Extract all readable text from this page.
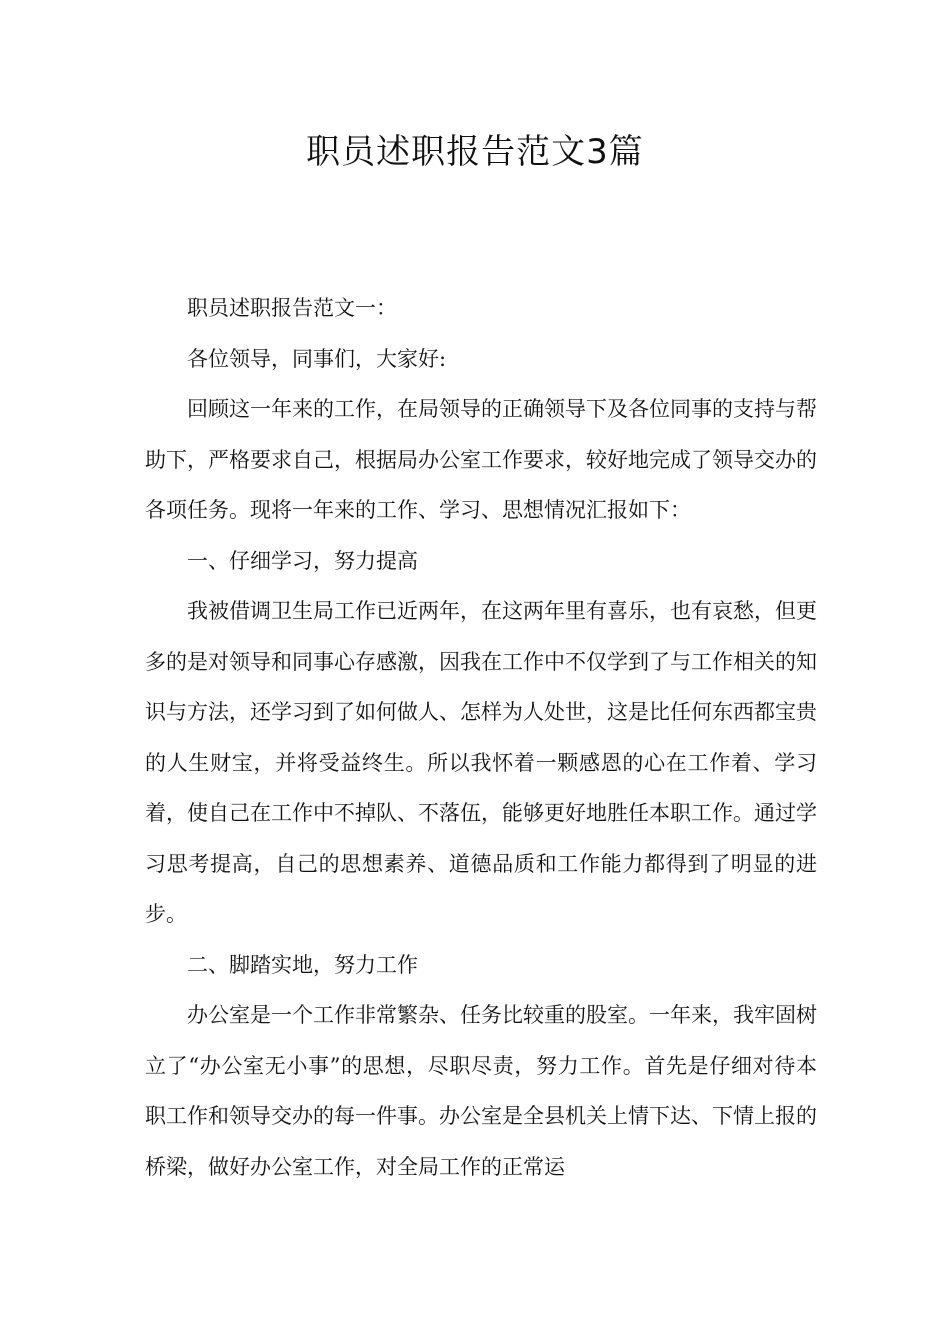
职员述职报告范文3篇

职员述职报告范文一：

各位领导，同事们，大家好:

回顾这一年来的工作，在局领导的正确领导下及各位同事的支持与帮助下，严格要求自己，根据局办公室工作要求，较好地完成了领导交办的各项任务。现将一年来的工作、学习、思想情况汇报如下：

一、仔细学习，努力提高

我被借调卫生局工作已近两年，在这两年里有喜乐，也有哀愁，但更多的是对领导和同事心存感激，因我在工作中不仅学到了与工作相关的知识与方法，还学习到了如何做人、怎样为人处世，这是比任何东西都宝贵的人生财宝，并将受益终生。所以我怀着一颗感恩的心在工作着、学习着，使自己在工作中不掉队、不落伍，能够更好地胜任本职工作。通过学习思考提高，自己的思想素养、道德品质和工作能力都得到了明显的进步。

二、脚踏实地，努力工作

办公室是一个工作非常繁杂、任务比较重的股室。一年来，我牢固树立了“办公室无小事”的思想，尽职尽责，努力工作。首先是仔细对待本职工作和领导交办的每一件事。办公室是全县机关上情下达、下情上报的桥梁，做好办公室工作，对全局工作的正常运
